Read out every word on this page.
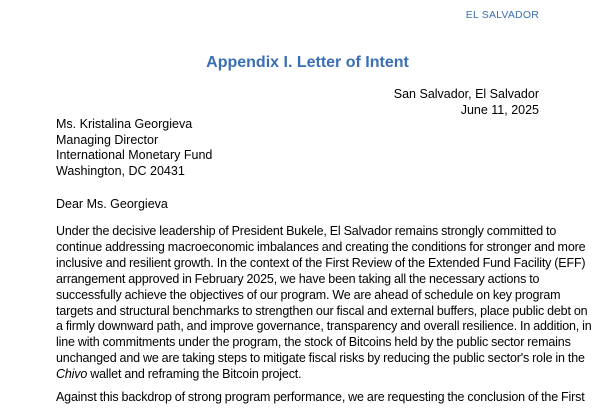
EL SALVADOR
Appendix I. Letter of Intent
San Salvador, El Salvador
June 11, 2025
Ms. Kristalina Georgieva
Managing Director
International Monetary Fund
Washington, DC 20431
Dear Ms. Georgieva
Under the decisive leadership of President Bukele, El Salvador remains strongly committed to
continue addressing macroeconomic imbalances and creating the conditions for stronger and more
inclusive and resilient growth. In the context of the First Review of the Extended Fund Facility (EFF)
arrangement approved in February 2025, we have been taking all the necessary actions to
successfully achieve the objectives of our program. We are ahead of schedule on key program
targets and structural benchmarks to strengthen our fiscal and external buffers, place public debt on
a firmly downward path, and improve governance, transparency and overall resilience. In addition, in
line with commitments under the program, the stock of Bitcoins held by the public sector remains
unchanged and we are taking steps to mitigate fiscal risks by reducing the public sector's role in the
Chivo wallet and reframing the Bitcoin project.
Against this backdrop of strong program performance, we are requesting the conclusion of the First
